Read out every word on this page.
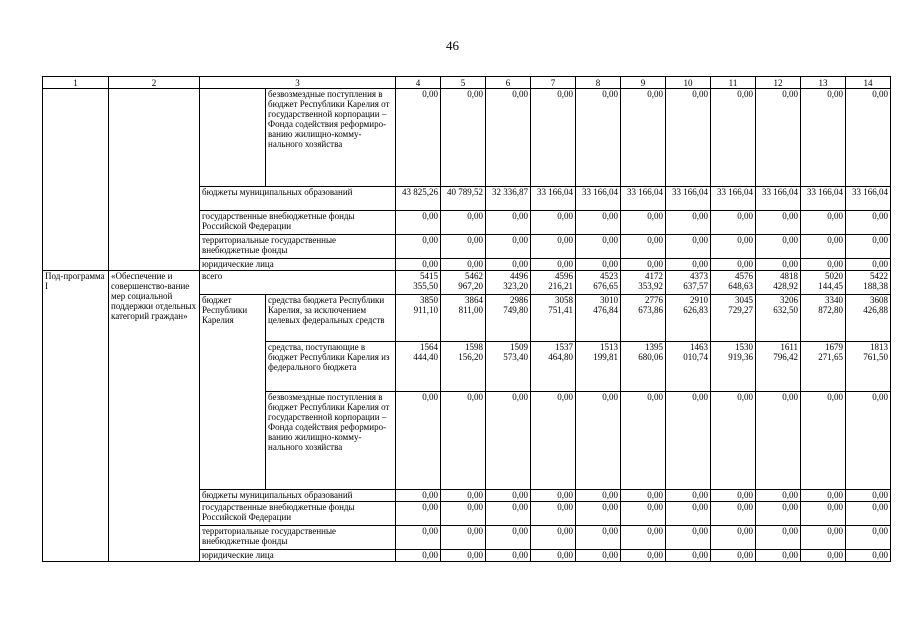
46
1	2	3		4	5	6	7	8	9	10	11	12	13	14
			безвозмездные поступления в бюджет Республики Карелия от государственной корпорации – Фонда содействия реформиро-ванию жилищно-комму-нального хозяйства	0,00	0,00	0,00	0,00	0,00	0,00	0,00	0,00	0,00	0,00	0,00
		бюджеты муниципальных образований		43 825,26	40 789,52	32 336,87	33 166,04	33 166,04	33 166,04	33 166,04	33 166,04	33 166,04	33 166,04	33 166,04
		государственные внебюджетные фонды Российской Федерации		0,00	0,00	0,00	0,00	0,00	0,00	0,00	0,00	0,00	0,00	0,00
		территориальные государственные внебюджетные фонды		0,00	0,00	0,00	0,00	0,00	0,00	0,00	0,00	0,00	0,00	0,00
		юридические лица		0,00	0,00	0,00	0,00	0,00	0,00	0,00	0,00	0,00	0,00	0,00
Под-программа I	«Обеспечение и совершенство-вание мер социальной поддержки отдельных категорий граждан»	всего		5415 355,50	5462 967,20	4496 323,20	4596 216,21	4523 676,65	4172 353,92	4373 637,57	4576 648,63	4818 428,92	5020 144,45	5422 188,38
		бюджет Республики Карелия	средства бюджета Республики Карелия, за исключением целевых федеральных средств	3850 911,10	3864 811,00	2986 749,80	3058 751,41	3010 476,84	2776 673,86	2910 626,83	3045 729,27	3206 632,50	3340 872,80	3608 426,88
			средства, поступающие в бюджет Республики Карелия из федерального бюджета	1564 444,40	1598 156,20	1509 573,40	1537 464,80	1513 199,81	1395 680,06	1463 010,74	1530 919,36	1611 796,42	1679 271,65	1813 761,50
			безвозмездные поступления в бюджет Республики Карелия от государственной корпорации – Фонда содействия реформиро-ванию жилищно-комму-нального хозяйства	0,00	0,00	0,00	0,00	0,00	0,00	0,00	0,00	0,00	0,00	0,00
		бюджеты муниципальных образований		0,00	0,00	0,00	0,00	0,00	0,00	0,00	0,00	0,00	0,00	0,00
		государственные внебюджетные фонды Российской Федерации		0,00	0,00	0,00	0,00	0,00	0,00	0,00	0,00	0,00	0,00	0,00
		территориальные государственные внебюджетные фонды		0,00	0,00	0,00	0,00	0,00	0,00	0,00	0,00	0,00	0,00	0,00
		юридические лица		0,00	0,00	0,00	0,00	0,00	0,00	0,00	0,00	0,00	0,00	0,00
